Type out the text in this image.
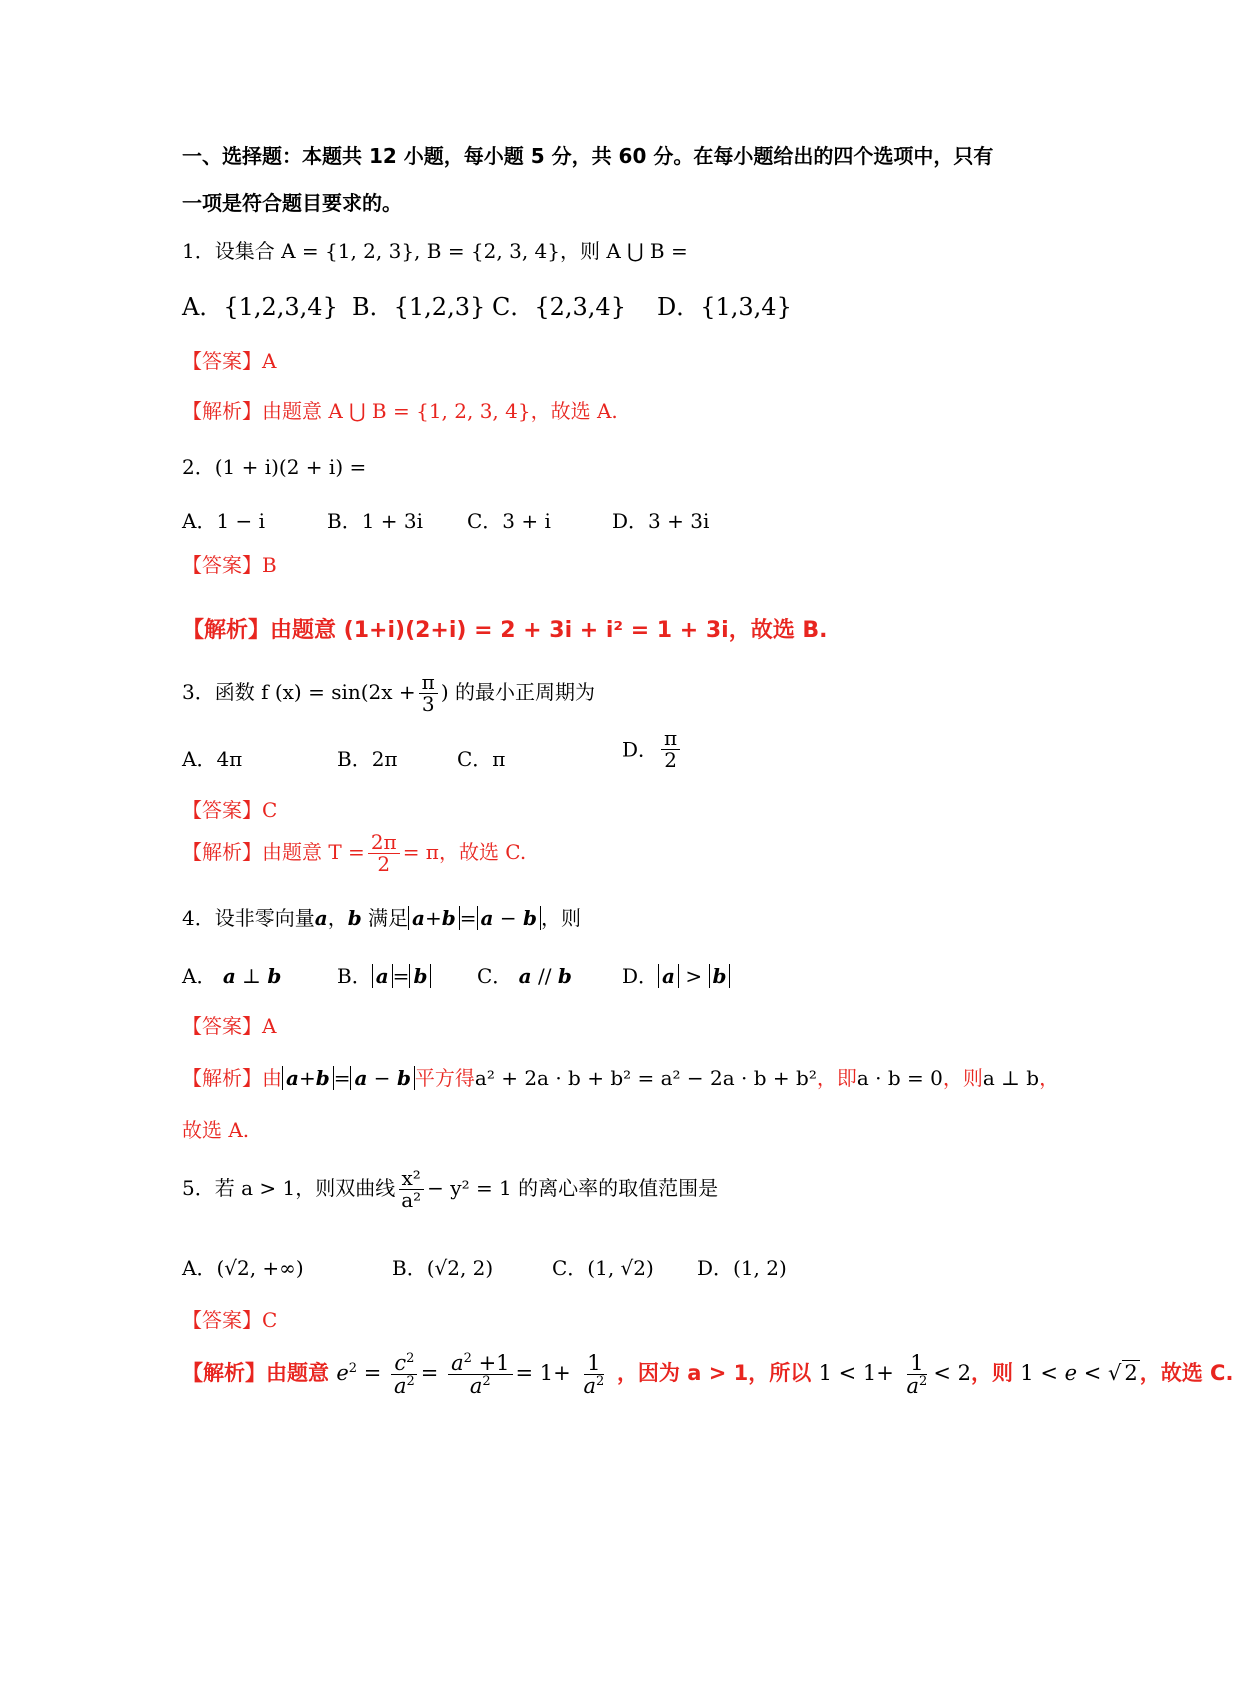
一、选择题：本题共 12 小题，每小题 5 分，共 60 分。在每小题给出的四个选项中，只有
一项是符合题目要求的。
1．设集合 A = {1, 2, 3}, B = {2, 3, 4}，则 A ⋃ B =
A．{1,2,3,4} B．{1,2,3} C．{2,3,4} D．{1,3,4}
【答案】A
【解析】由题意 A ⋃ B = {1, 2, 3, 4}，故选 A.
2．(1 + i)(2 + i) =
A．1 − i	B．1 + 3i C．3 + i	D．3 + 3i
【答案】B
【解析】由题意 (1+i)(2+i) = 2 + 3i + i² = 1 + 3i，故选 B.
3．函数 f $(x) = \sin(2x + \frac{\pi}{3}$ ) 的最小正周期为
A．4π	B．2π	C．π	D． $\frac{\pi}{2}$
【答案】C
【解析】由题意 $T = \frac{2\pi}{2} = \pi$，故选 C.
4．设非零向量a，b 满足 a+b = a − b ，则
A． a ⊥ b	B． a = b C． a // b	D． a > b
【答案】A
【解析】由 a+b = a − b 平方得a² + 2a · b + b² = a² − 2a · b + b²，即a · b = 0，则a ⊥ b，
故选 A.
5．若 a > 1，则双曲线 $\frac{\text{x²}}{\text{a²}} - y^2 = 1$ 的离心率的取值范围是
A．(√2, +∞)	B．(√2, 2)	C．(1, √2) D．(1, 2)
【答案】C
【解析】由题意 $e^2 = \frac{c^2}{a^2} = \frac{a^2 +1}{a^2} = 1+ \frac{1}{a^2}$ ，因为 a > 1，所以 $1 < 1+ \frac{1}{a^2} < 2$，则 1 < e < √ 2，故选 C.
